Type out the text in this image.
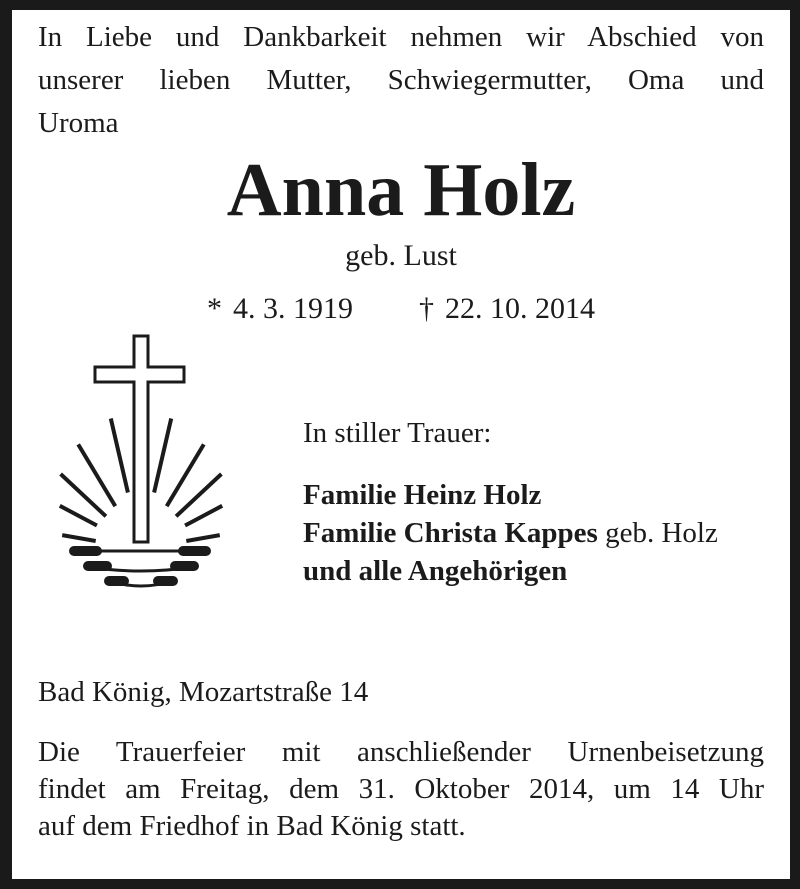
In Liebe und Dankbarkeit nehmen wir Abschied von
unserer lieben Mutter, Schwiegermutter, Oma und
Uroma
Anna Holz
geb. Lust
* 4. 3. 1919 † 22. 10. 2014
In stiller Trauer:
Familie Heinz Holz
Familie Christa Kappes geb. Holz
und alle Angehörigen
Bad König, Mozartstraße 14
Die Trauerfeier mit anschließender Urnenbeisetzung
findet am Freitag, dem 31. Oktober 2014, um 14 Uhr
auf dem Friedhof in Bad König statt.
